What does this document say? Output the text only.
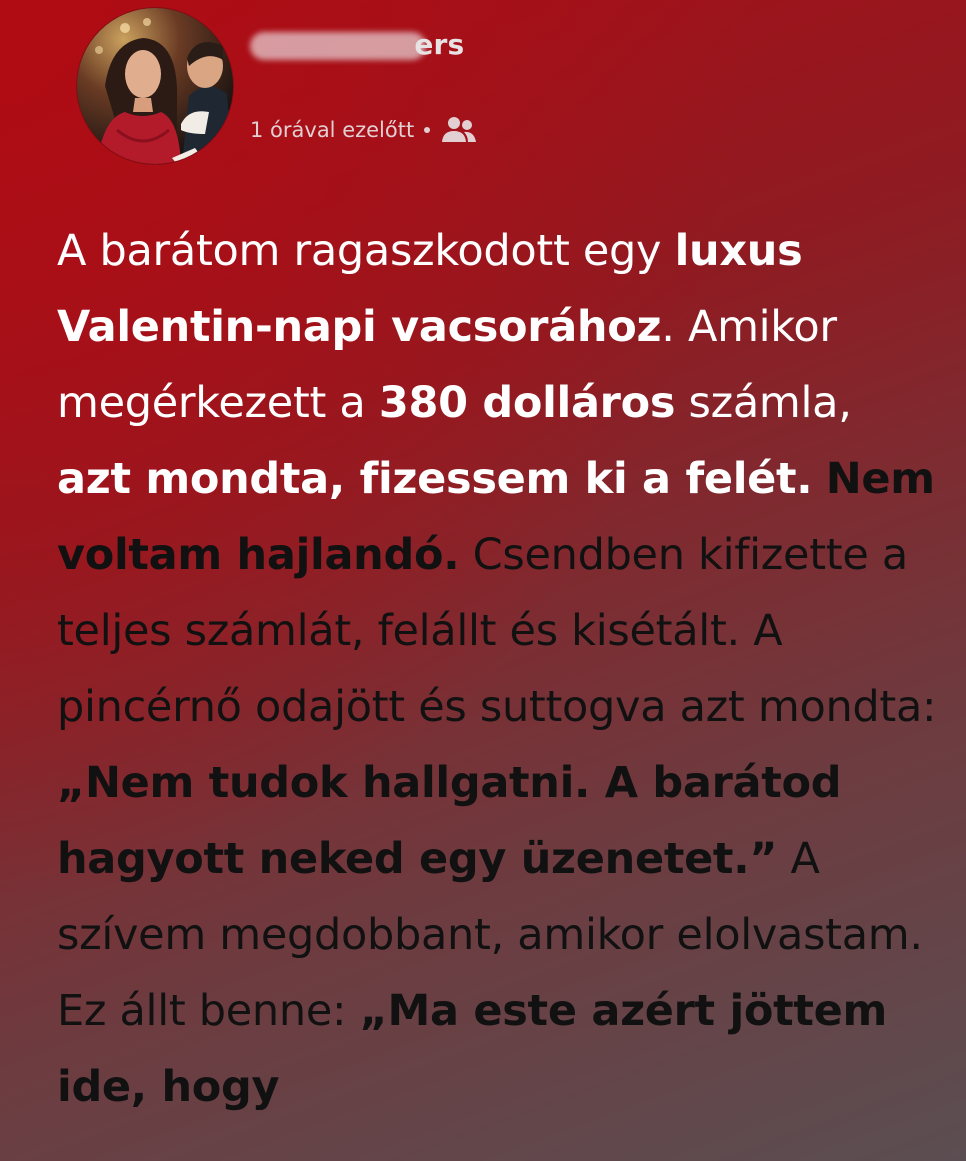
ers
1 órával ezelőtt

A barátom ragaszkodott egy luxus Valentin-napi vacsorához. Amikor megérkezett a 380 dolláros számla, azt mondta, fizessem ki a felét. Nem voltam hajlandó. Csendben kifizette a teljes számlát, felállt és kisétált. A pincérnő odajött és suttogva azt mondta: „Nem tudok hallgatni. A barátod hagyott neked egy üzenetet.” A szívem megdobbant, amikor elolvastam. Ez állt benne: „Ma este azért jöttem ide, hogy
